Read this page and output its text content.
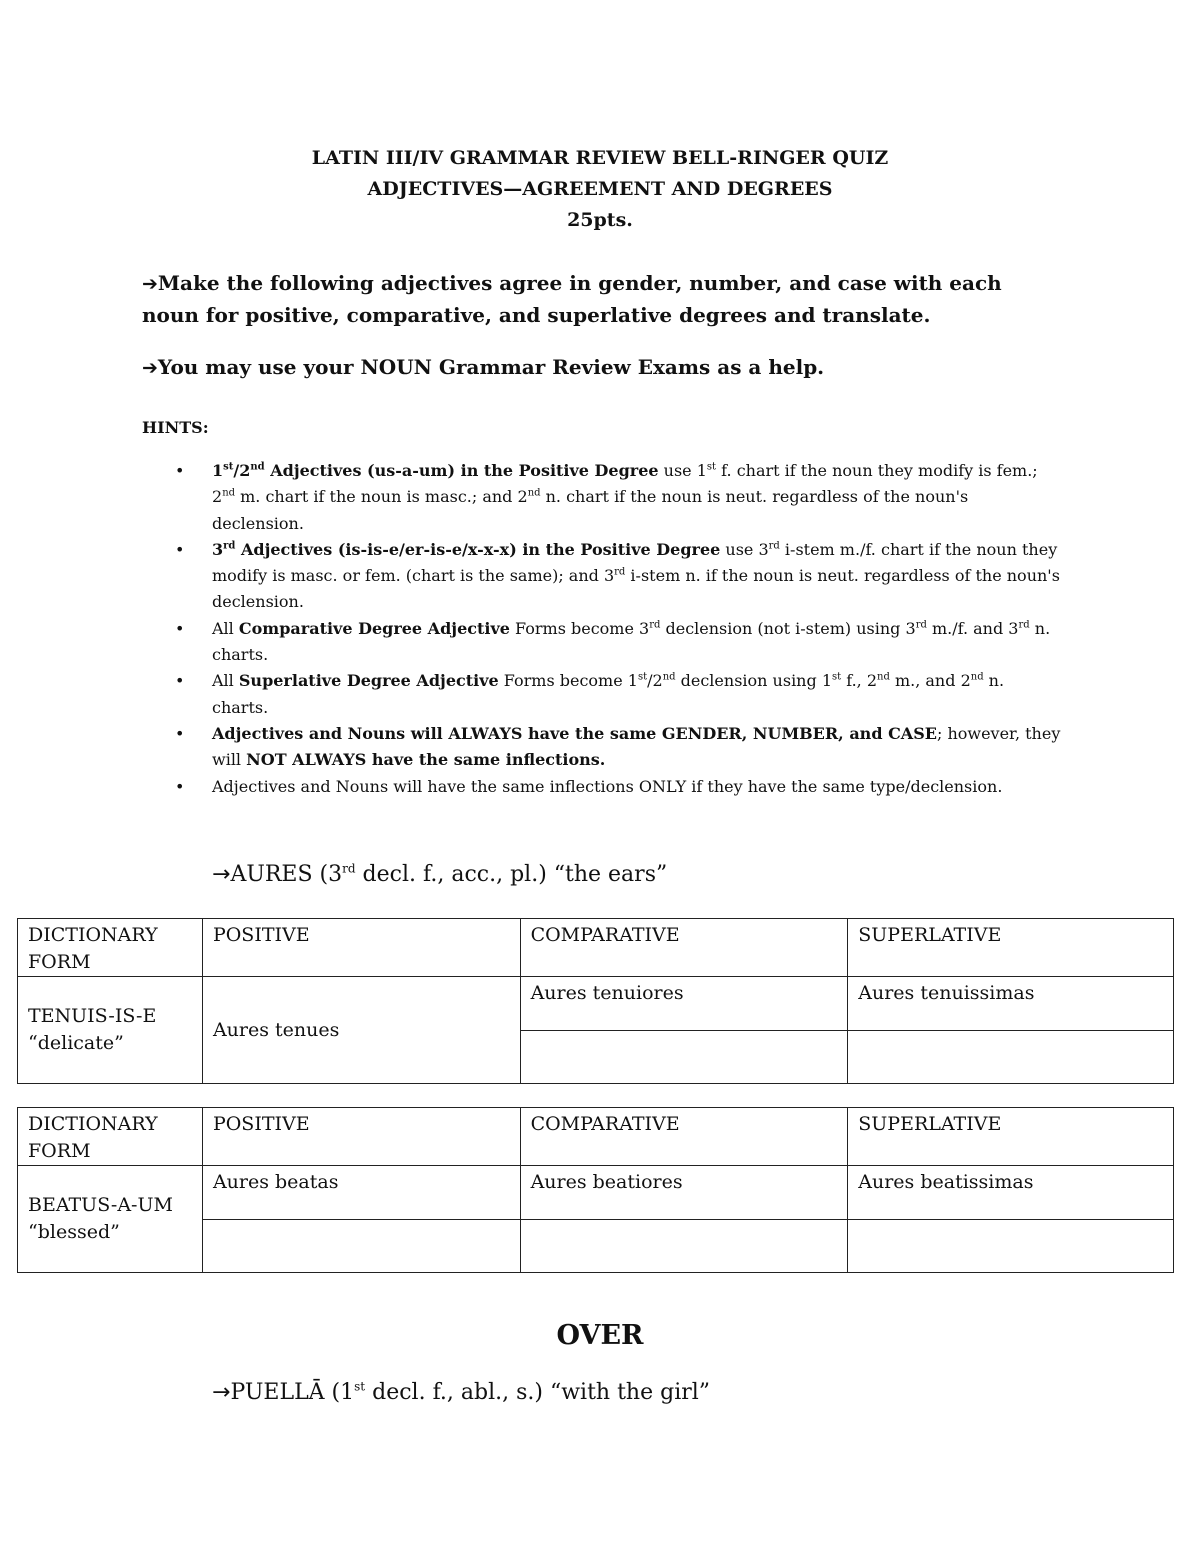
LATIN III/IV GRAMMAR REVIEW BELL-RINGER QUIZ
ADJECTIVES—AGREEMENT AND DEGREES
25pts.
➔Make the following adjectives agree in gender, number, and case with each noun for positive, comparative, and superlative degrees and translate.
➔You may use your NOUN Grammar Review Exams as a help.
HINTS:
• 1st/2nd Adjectives (us-a-um) in the Positive Degree use 1st f. chart if the noun they modify is fem.; 2nd m. chart if the noun is masc.; and 2nd n. chart if the noun is neut. regardless of the noun's declension.
• 3rd Adjectives (is-is-e/er-is-e/x-x-x) in the Positive Degree use 3rd i-stem m./f. chart if the noun they modify is masc. or fem. (chart is the same); and 3rd i-stem n. if the noun is neut. regardless of the noun's declension.
• All Comparative Degree Adjective Forms become 3rd declension (not i-stem) using 3rd m./f. and 3rd n. charts.
• All Superlative Degree Adjective Forms become 1st/2nd declension using 1st f., 2nd m., and 2nd n. charts.
• Adjectives and Nouns will ALWAYS have the same GENDER, NUMBER, and CASE; however, they will NOT ALWAYS have the same inflections.
• Adjectives and Nouns will have the same inflections ONLY if they have the same type/declension.
→AURES (3rd decl. f., acc., pl.) “the ears”
DICTIONARY FORM	POSITIVE	COMPARATIVE	SUPERLATIVE

TENUIS-IS-E
“delicate”	Aures tenues	Aures tenuiores	Aures tenuissimas

DICTIONARY FORM	POSITIVE	COMPARATIVE	SUPERLATIVE

BEATUS-A-UM
“blessed”	Aures beatas	Aures beatiores	Aures beatissimas

OVER
→PUELLĀ (1st decl. f., abl., s.) “with the girl”
